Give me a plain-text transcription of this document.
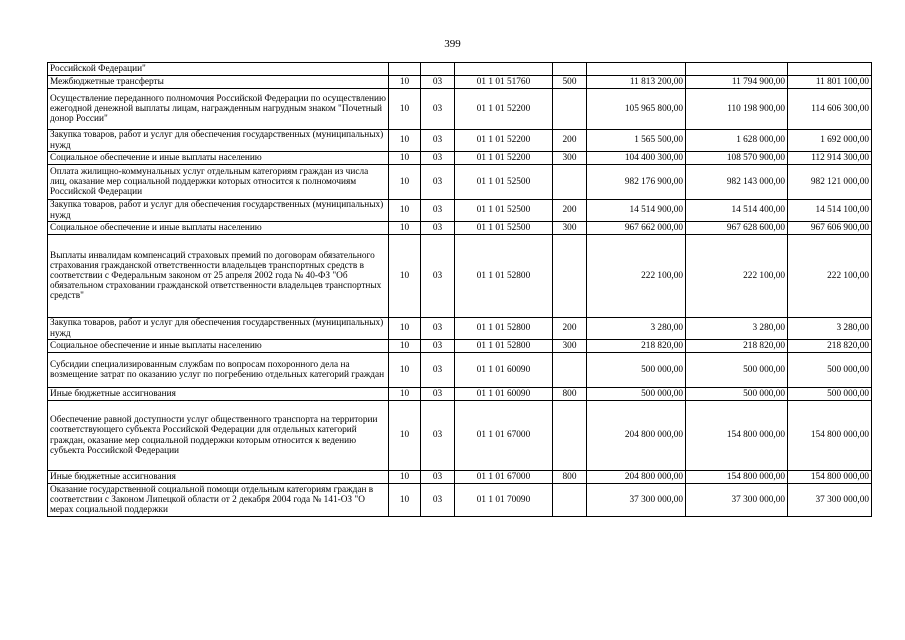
399
Российской Федерации"							
Межбюджетные трансферты	10	03	01 1 01 51760	500	11 813 200,00	11 794 900,00	11 801 100,00
Осуществление переданного полномочия Российской Федерации по осуществлению ежегодной денежной выплаты лицам, награжденным нагрудным знаком "Почетный донор России"	10	03	01 1 01 52200		105 965 800,00	110 198 900,00	114 606 300,00
Закупка товаров, работ и услуг для обеспечения государственных (муниципальных) нужд	10	03	01 1 01 52200	200	1 565 500,00	1 628 000,00	1 692 000,00
Социальное обеспечение и иные выплаты населению	10	03	01 1 01 52200	300	104 400 300,00	108 570 900,00	112 914 300,00
Оплата жилищно-коммунальных услуг отдельным категориям граждан из числа лиц, оказание мер социальной поддержки которых относится к полномочиям Российской Федерации	10	03	01 1 01 52500		982 176 900,00	982 143 000,00	982 121 000,00
Закупка товаров, работ и услуг для обеспечения государственных (муниципальных) нужд	10	03	01 1 01 52500	200	14 514 900,00	14 514 400,00	14 514 100,00
Социальное обеспечение и иные выплаты населению	10	03	01 1 01 52500	300	967 662 000,00	967 628 600,00	967 606 900,00
Выплаты инвалидам компенсаций страховых премий по договорам обязательного страхования гражданской ответственности владельцев транспортных средств в соответствии с Федеральным законом от 25 апреля 2002 года № 40-ФЗ "Об обязательном страховании гражданской ответственности владельцев транспортных средств"	10	03	01 1 01 52800		222 100,00	222 100,00	222 100,00
Закупка товаров, работ и услуг для обеспечения государственных (муниципальных) нужд	10	03	01 1 01 52800	200	3 280,00	3 280,00	3 280,00
Социальное обеспечение и иные выплаты населению	10	03	01 1 01 52800	300	218 820,00	218 820,00	218 820,00
Субсидии специализированным службам по вопросам похоронного дела на возмещение затрат по оказанию услуг по погребению отдельных категорий граждан	10	03	01 1 01 60090		500 000,00	500 000,00	500 000,00
Иные бюджетные ассигнования	10	03	01 1 01 60090	800	500 000,00	500 000,00	500 000,00
Обеспечение равной доступности услуг общественного транспорта на территории соответствующего субъекта Российской Федерации для отдельных категорий граждан, оказание мер социальной поддержки которым относится к ведению субъекта Российской Федерации	10	03	01 1 01 67000		204 800 000,00	154 800 000,00	154 800 000,00
Иные бюджетные ассигнования	10	03	01 1 01 67000	800	204 800 000,00	154 800 000,00	154 800 000,00
Оказание государственной социальной помощи отдельным категориям граждан в соответствии с Законом Липецкой области от 2 декабря 2004 года № 141-ОЗ "О мерах социальной поддержки	10	03	01 1 01 70090		37 300 000,00	37 300 000,00	37 300 000,00
